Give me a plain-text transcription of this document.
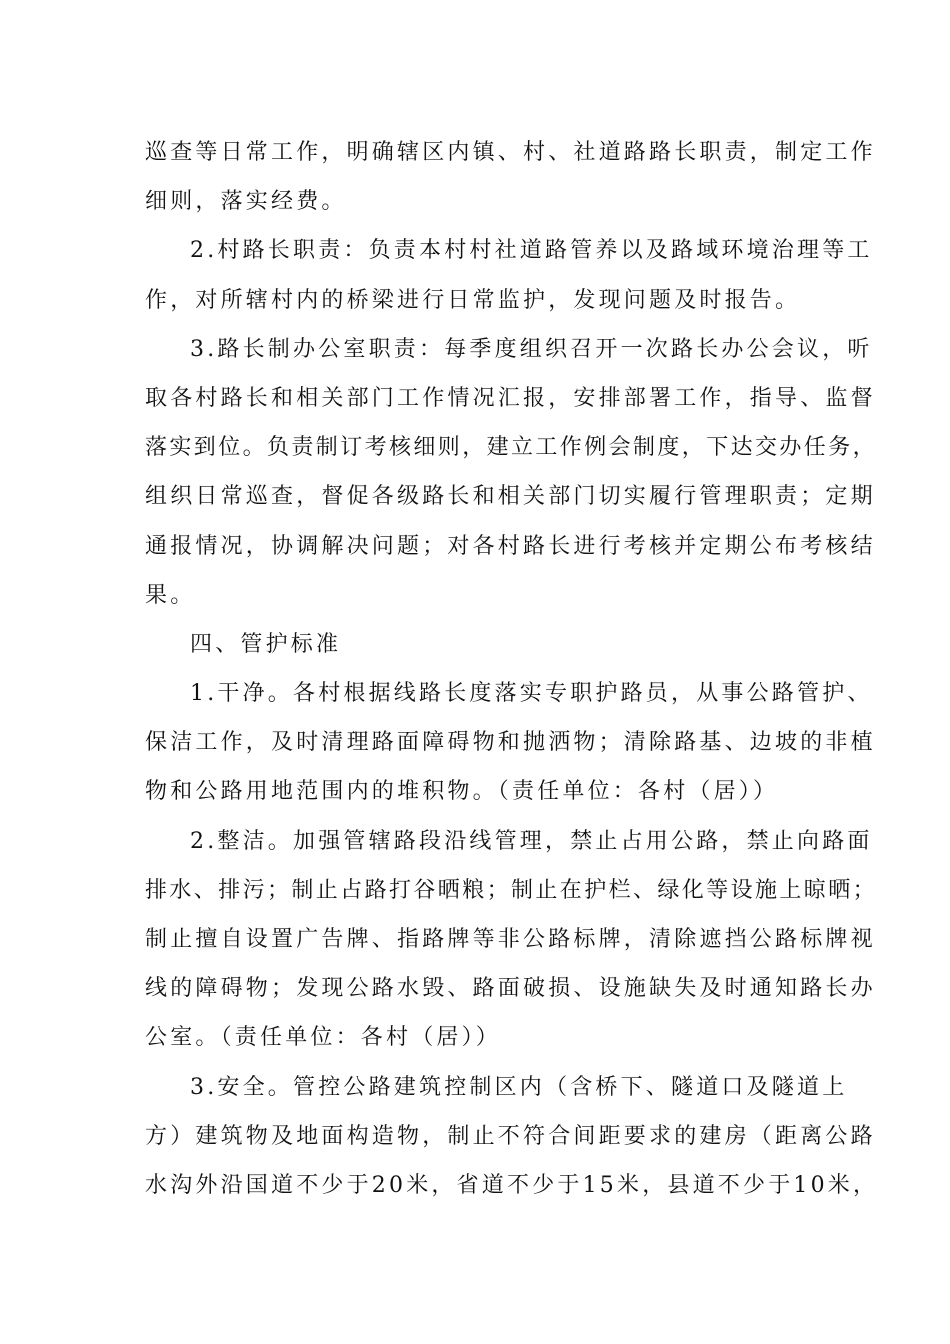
巡查等日常工作，明确辖区内镇、村、社道路路长职责，制定工作
细则，落实经费。
2.村路长职责：负责本村村社道路管养以及路域环境治理等工
作，对所辖村内的桥梁进行日常监护，发现问题及时报告。
3.路长制办公室职责：每季度组织召开一次路长办公会议，听
取各村路长和相关部门工作情况汇报，安排部署工作，指导、监督
落实到位。负责制订考核细则，建立工作例会制度，下达交办任务，
组织日常巡查，督促各级路长和相关部门切实履行管理职责；定期
通报情况，协调解决问题；对各村路长进行考核并定期公布考核结
果。
四、管护标准
1.干净。各村根据线路长度落实专职护路员，从事公路管护、
保洁工作，及时清理路面障碍物和抛洒物；清除路基、边坡的非植
物和公路用地范围内的堆积物。（责任单位：各村（居））
2.整洁。加强管辖路段沿线管理，禁止占用公路，禁止向路面
排水、排污；制止占路打谷晒粮；制止在护栏、绿化等设施上晾晒；
制止擅自设置广告牌、指路牌等非公路标牌，清除遮挡公路标牌视
线的障碍物；发现公路水毁、路面破损、设施缺失及时通知路长办
公室。（责任单位：各村（居））
3.安全。管控公路建筑控制区内（含桥下、隧道口及隧道上
方）建筑物及地面构造物，制止不符合间距要求的建房（距离公路
水沟外沿国道不少于20米，省道不少于15米，县道不少于10米，
